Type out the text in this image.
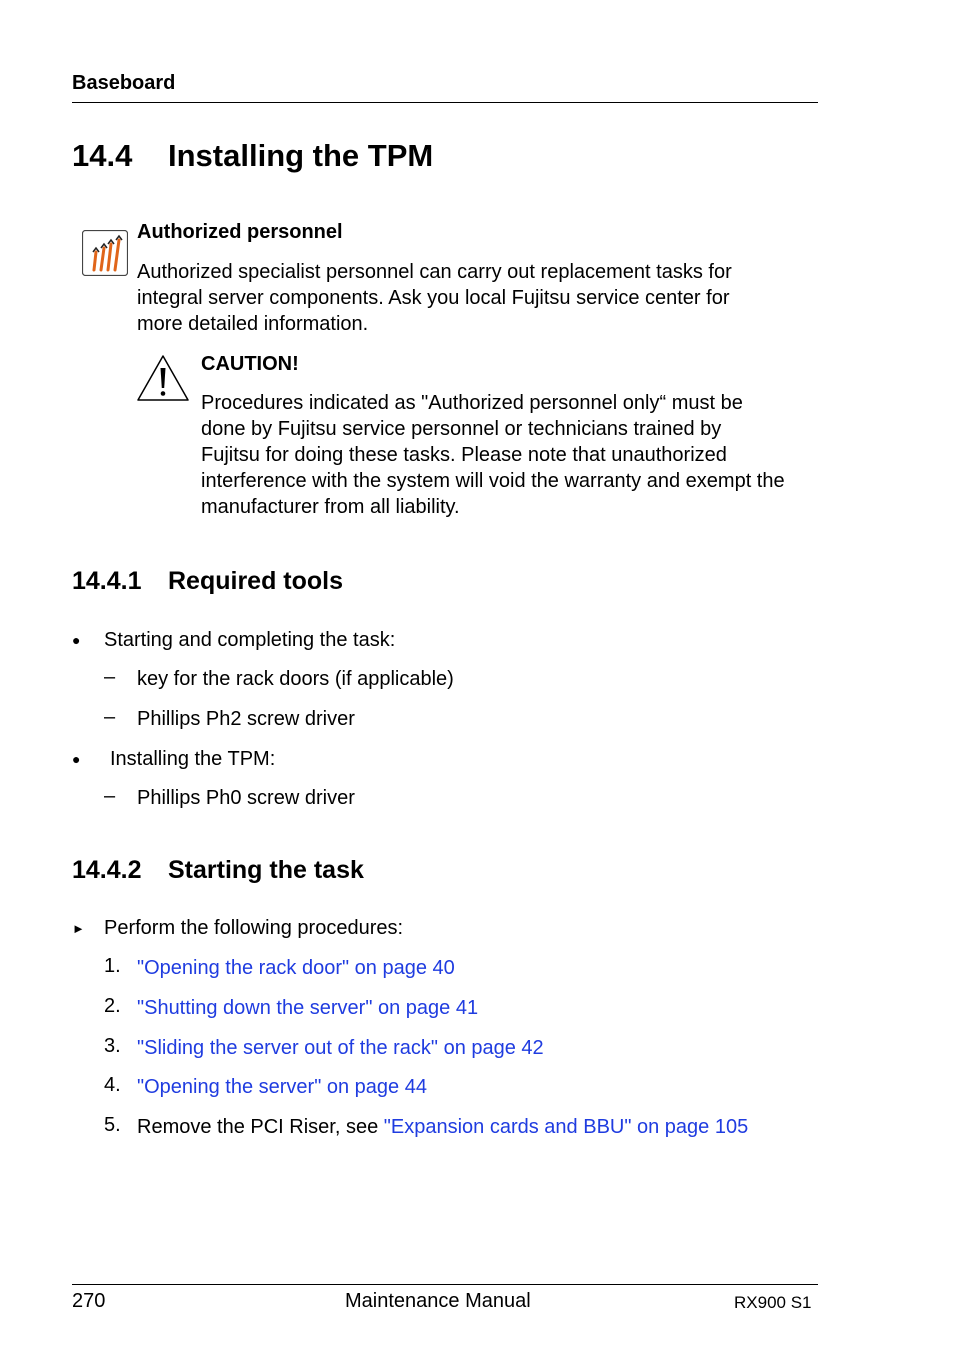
Baseboard
14.4 Installing the TPM
Authorized personnel
Authorized specialist personnel can carry out replacement tasks for
integral server components. Ask you local Fujitsu service center for
more detailed information.
CAUTION!
Procedures indicated as "Authorized personnel only“ must be
done by Fujitsu service personnel or technicians trained by
Fujitsu for doing these tasks. Please note that unauthorized
interference with the system will void the warranty and exempt the
manufacturer from all liability.
14.4.1 Required tools
● Starting and completing the task:
– key for the rack doors (if applicable)
– Phillips Ph2 screw driver
● Installing the TPM:
– Phillips Ph0 screw driver
14.4.2 Starting the task
► Perform the following procedures:
1. "Opening the rack door" on page 40
2. "Shutting down the server" on page 41
3. "Sliding the server out of the rack" on page 42
4. "Opening the server" on page 44
5. Remove the PCI Riser, see "Expansion cards and BBU" on page 105
270	Maintenance Manual	RX900 S1
